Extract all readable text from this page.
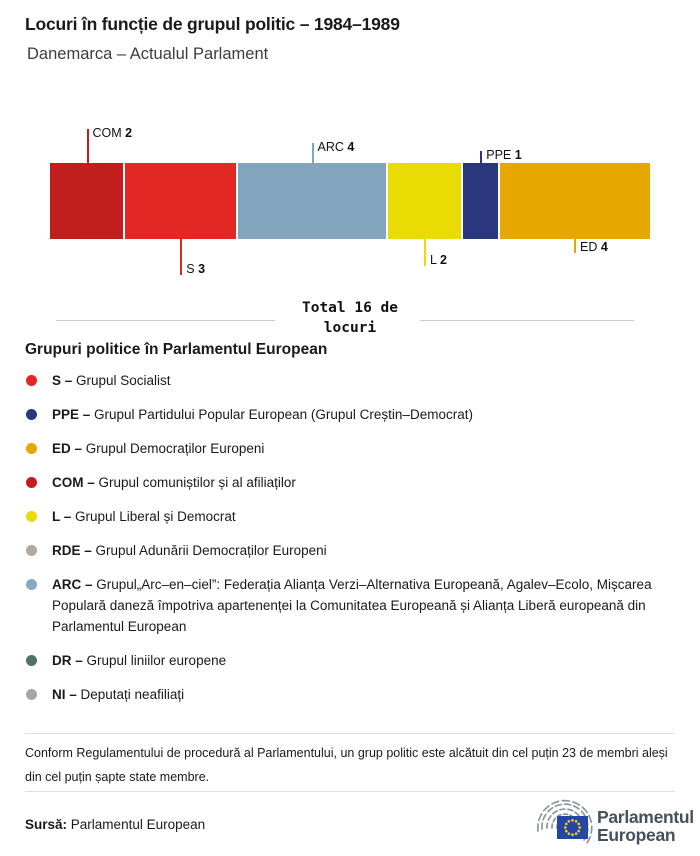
Locuri în funcție de grupul politic – 1984–1989
Danemarca – Actualul Parlament
COM 2
S 3
ARC 4
L 2
PPE 1
ED 4
Total 16 de locuri
Grupuri politice în Parlamentul European
S – Grupul Socialist
PPE – Grupul Partidului Popular European (Grupul Creștin–Democrat)
ED – Grupul Democraților Europeni
COM – Grupul comuniștilor și al afiliaților
L – Grupul Liberal și Democrat
RDE – Grupul Adunării Democraților Europeni
ARC – Grupul„Arc–en–ciel”: Federația Alianța Verzi–Alternativa Europeană, Agalev–Ecolo, Mișcarea Populară daneză împotriva apartenenței la Comunitatea Europeană și Alianța Liberă europeană din Parlamentul European
DR – Grupul liniilor europene
NI – Deputați neafiliați
Conform Regulamentului de procedură al Parlamentului, un grup politic este alcătuit din cel puțin 23 de membri aleși din cel puțin șapte state membre.
Sursă: Parlamentul European	Parlamentul
European
